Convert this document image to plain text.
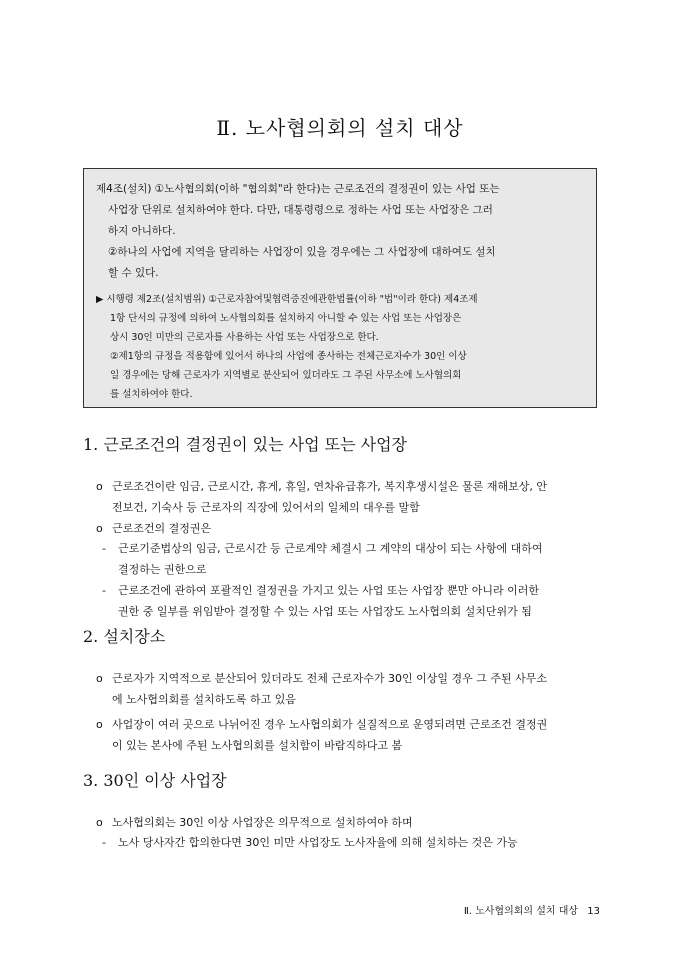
Ⅱ. 노사협의회의 설치 대상

제4조(설치) ①노사협의회(이하 "협의회"라 한다)는 근로조건의 결정권이 있는 사업 또는

사업장 단위로 설치하여야 한다. 다만, 대통령령으로 정하는 사업 또는 사업장은 그러

하지 아니하다.

②하나의 사업에 지역을 달리하는 사업장이 있을 경우에는 그 사업장에 대하여도 설치

할 수 있다.

▶ 시행령 제2조(설치범위) ①근로자참여및협력증진에관한법률(이하 "법"이라 한다) 제4조제

1항 단서의 규정에 의하여 노사협의회를 설치하지 아니할 수 있는 사업 또는 사업장은

상시 30인 미만의 근로자를 사용하는 사업 또는 사업장으로 한다.

②제1항의 규정을 적용함에 있어서 하나의 사업에 종사하는 전체근로자수가 30인 이상

일 경우에는 당해 근로자가 지역별로 분산되어 있더라도 그 주된 사무소에 노사협의회

를 설치하여야 한다.

1. 근로조건의 결정권이 있는 사업 또는 사업장
o 근로조건이란 임금, 근로시간, 휴게, 휴일, 연차유급휴가, 복지후생시설은 물론 재해보상, 안
전보건, 기숙사 등 근로자의 직장에 있어서의 일체의 대우를 말함
o 근로조건의 결정권은
- 근로기준법상의 임금, 근로시간 등 근로계약 체결시 그 계약의 대상이 되는 사항에 대하여
결정하는 권한으로
- 근로조건에 관하여 포괄적인 결정권을 가지고 있는 사업 또는 사업장 뿐만 아니라 이러한
권한 중 일부를 위임받아 결정할 수 있는 사업 또는 사업장도 노사협의회 설치단위가 됨
2. 설치장소
o 근로자가 지역적으로 분산되어 있더라도 전체 근로자수가 30인 이상일 경우 그 주된 사무소
에 노사협의회를 설치하도록 하고 있음
o 사업장이 여러 곳으로 나뉘어진 경우 노사협의회가 실질적으로 운영되려면 근로조건 결정권
이 있는 본사에 주된 노사협의회를 설치함이 바람직하다고 봄
3. 30인 이상 사업장
o 노사협의회는 30인 이상 사업장은 의무적으로 설치하여야 하며
- 노사 당사자간 합의한다면 30인 미만 사업장도 노사자율에 의해 설치하는 것은 가능
Ⅱ. 노사협의회의 설치 대상 13
